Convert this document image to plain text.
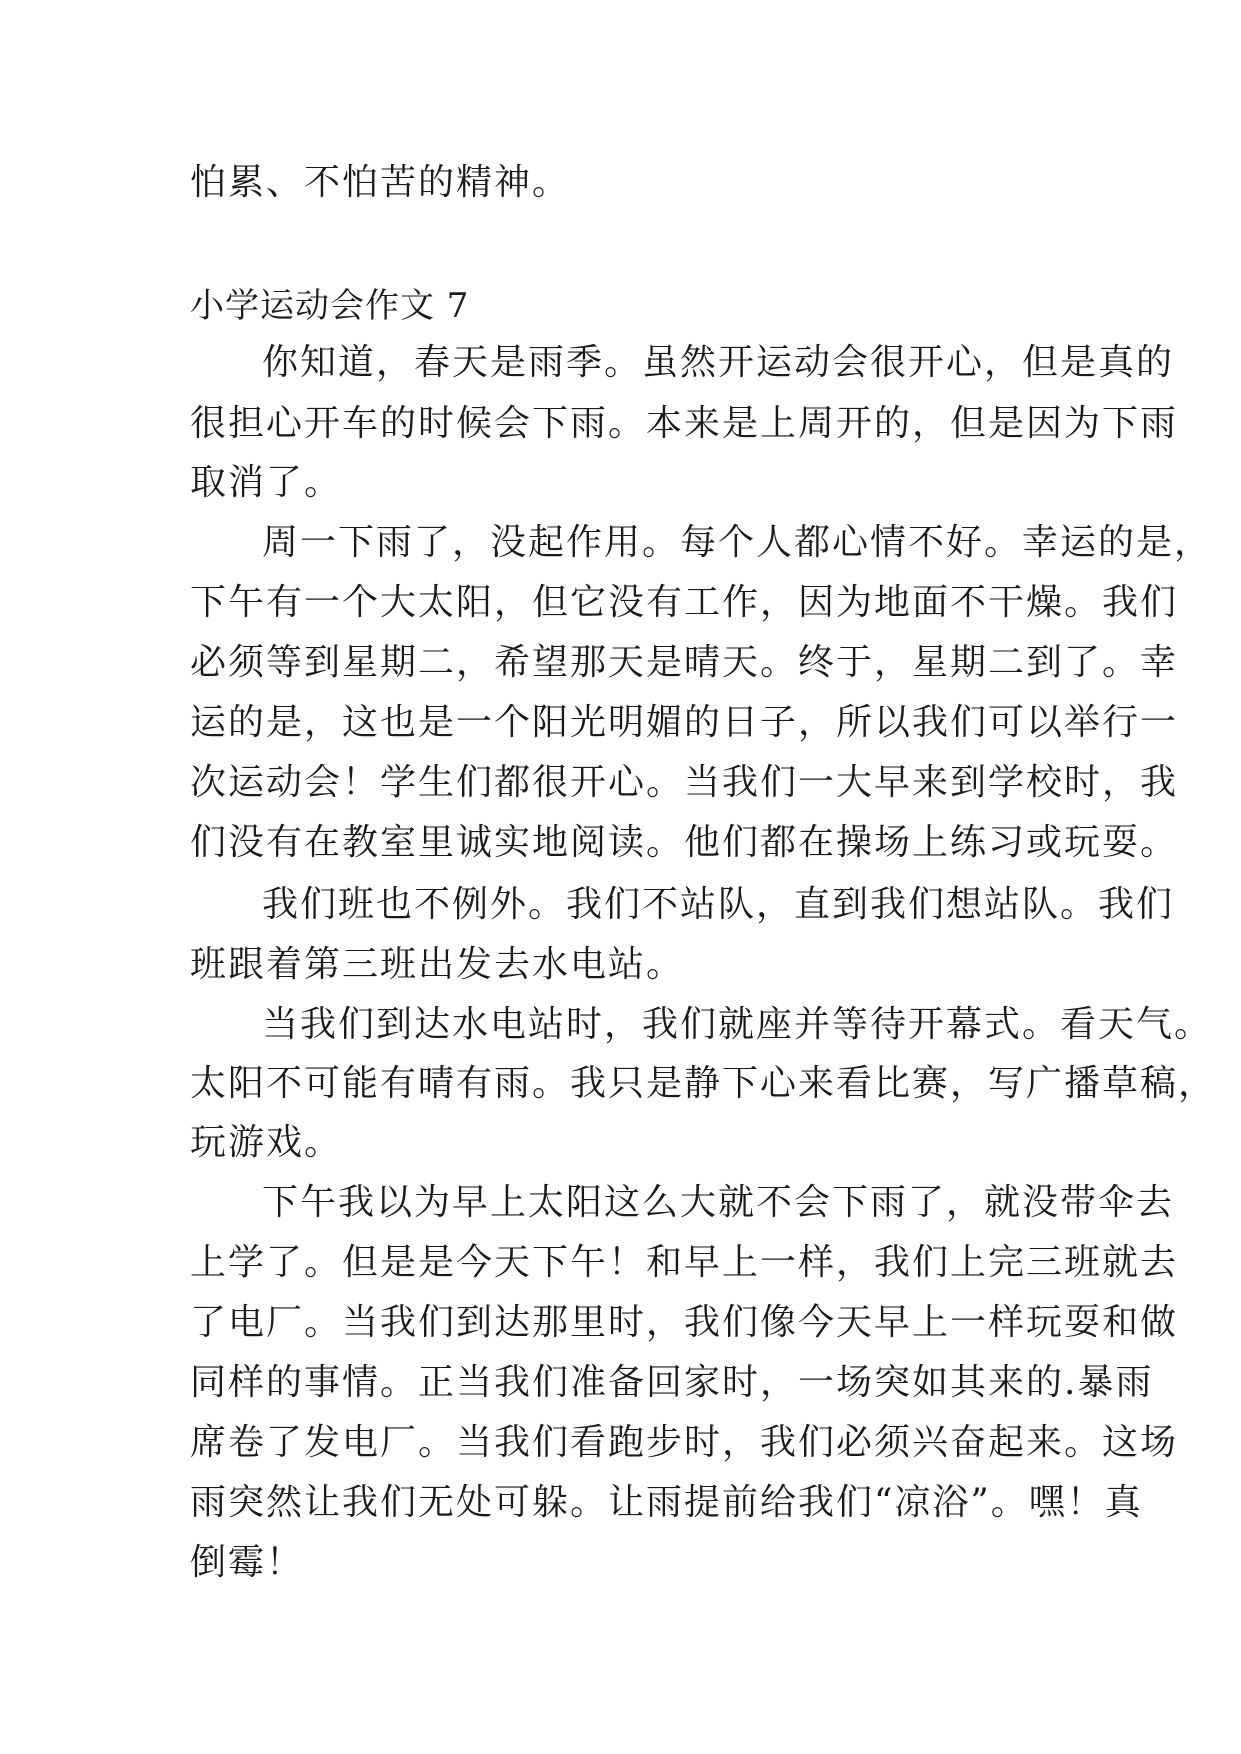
怕累、不怕苦的精神。
小学运动会作文 7
你知道，春天是雨季。虽然开运动会很开心，但是真的
很担心开车的时候会下雨。本来是上周开的，但是因为下雨
取消了。
周一下雨了，没起作用。每个人都心情不好。幸运的是，
下午有一个大太阳，但它没有工作，因为地面不干燥。我们
必须等到星期二，希望那天是晴天。终于，星期二到了。幸
运的是，这也是一个阳光明媚的日子，所以我们可以举行一
次运动会！学生们都很开心。当我们一大早来到学校时，我
们没有在教室里诚实地阅读。他们都在操场上练习或玩耍。
我们班也不例外。我们不站队，直到我们想站队。我们
班跟着第三班出发去水电站。
当我们到达水电站时，我们就座并等待开幕式。看天气。
太阳不可能有晴有雨。我只是静下心来看比赛，写广播草稿，
玩游戏。
下午我以为早上太阳这么大就不会下雨了，就没带伞去
上学了。但是是今天下午！和早上一样，我们上完三班就去
了电厂。当我们到达那里时，我们像今天早上一样玩耍和做
同样的事情。正当我们准备回家时，一场突如其来的.暴雨
席卷了发电厂。当我们看跑步时，我们必须兴奋起来。这场
雨突然让我们无处可躲。让雨提前给我们“凉浴”。嘿！真
倒霉！
